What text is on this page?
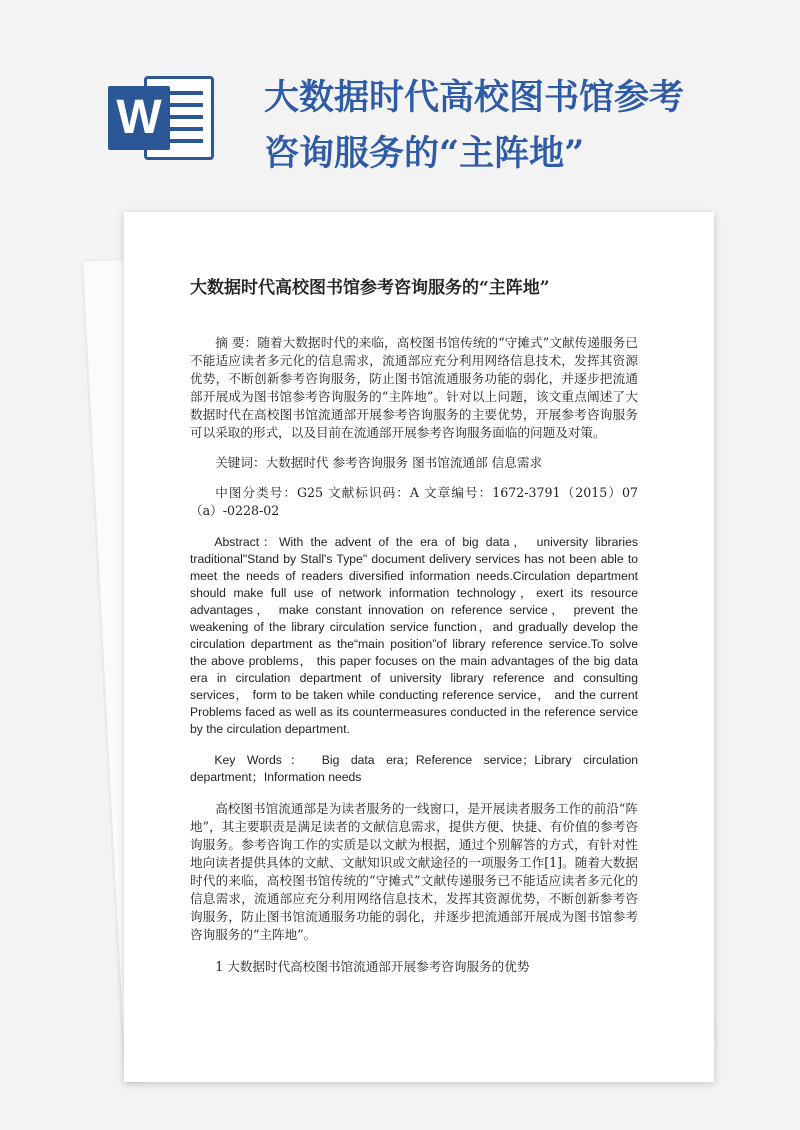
W	大数据时代高校图书馆参考咨询服务的“主阵地”
大数据时代高校图书馆参考咨询服务的“主阵地”

摘 要：随着大数据时代的来临，高校图书馆传统的“守摊式”文献传递服务已不能适应读者多元化的信息需求，流通部应充分利用网络信息技术，发挥其资源优势，不断创新参考咨询服务，防止图书馆流通服务功能的弱化，并逐步把流通部开展成为图书馆参考咨询服务的“主阵地”。针对以上问题，该文重点阐述了大数据时代在高校图书馆流通部开展参考咨询服务的主要优势，开展参考咨询服务可以采取的形式，以及目前在流通部开展参考咨询服务面临的问题及对策。

关键词：大数据时代 参考咨询服务 图书馆流通部 信息需求

中图分类号：G25 文献标识码：A 文章编号：1672-3791（2015）07（a）-0228-02

Abstract：With the advent of the era of big data， university libraries traditional"Stand by Stall's Type" document delivery services has not been able to meet the needs of readers diversified information needs.Circulation department should make full use of network information technology，exert its resource advantages， make constant innovation on reference service， prevent the weakening of the library circulation service function，and gradually develop the circulation department as the“main position”of library reference service.To solve the above problems， this paper focuses on the main advantages of the big data era in circulation department of university library reference and consulting services， form to be taken while conducting reference service， and the current Problems faced as well as its countermeasures conducted in the reference service by the circulation department.

Key Words： Big data era；Reference service；Library circulation department；Information needs

高校图书馆流通部是为读者服务的一线窗口，是开展读者服务工作的前沿“阵地”，其主要职责是满足读者的文献信息需求，提供方便、快捷、有价值的参考咨询服务。参考咨询工作的实质是以文献为根据，通过个别解答的方式，有针对性地向读者提供具体的文献、文献知识或文献途径的一项服务工作[1]。随着大数据时代的来临，高校图书馆传统的“守摊式”文献传递服务已不能适应读者多元化的信息需求，流通部应充分利用网络信息技术，发挥其资源优势，不断创新参考咨询服务，防止图书馆流通服务功能的弱化，并逐步把流通部开展成为图书馆参考咨询服务的“主阵地”。

1 大数据时代高校图书馆流通部开展参考咨询服务的优势
